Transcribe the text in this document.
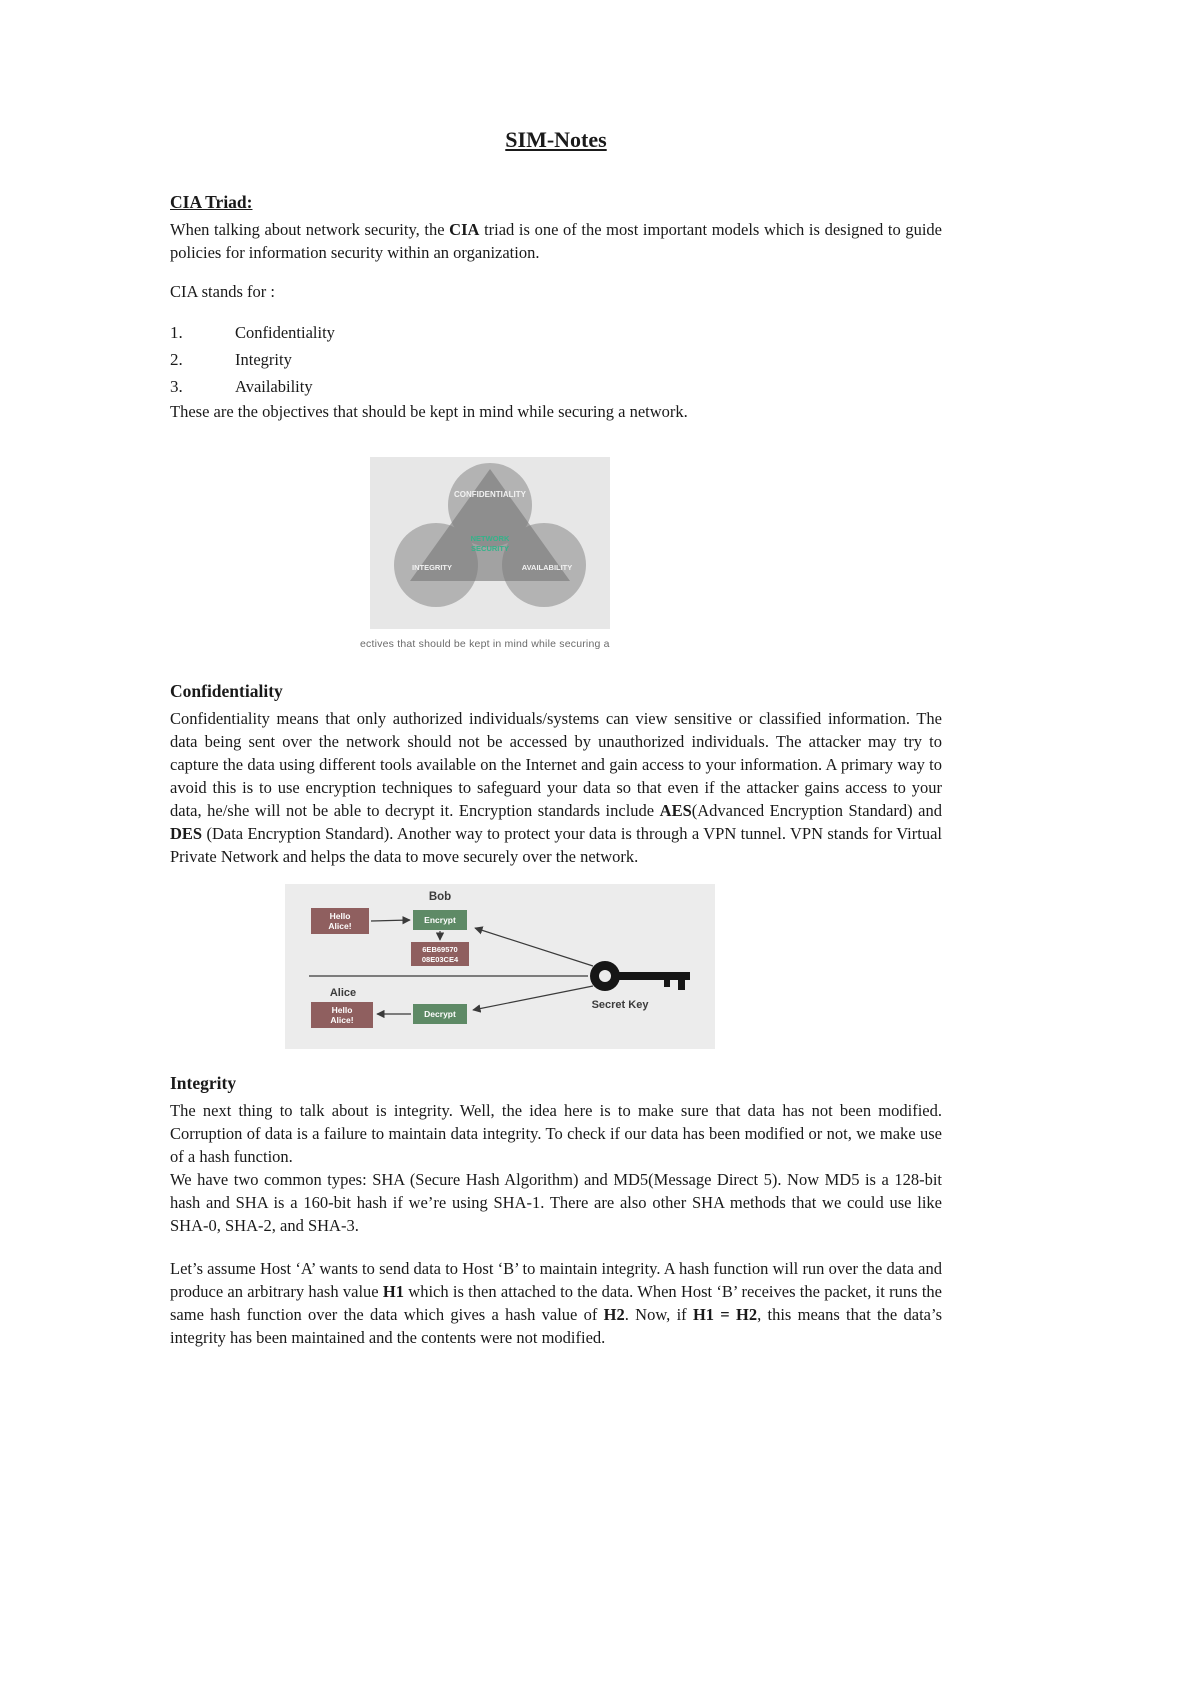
SIM-Notes
CIA Triad:

When talking about network security, the CIA triad is one of the most important models which is designed to guide policies for information security within an organization.

CIA stands for :

1.	Confidentiality
2.	Integrity
3.	Availability

These are the objectives that should be kept in mind while securing a network.

CONFIDENTIALITY
NETWORK
SECURITY
INTEGRITY	AVAILABILITY
ectives that should be kept in mind while securing a
Confidentiality

Confidentiality means that only authorized individuals/systems can view sensitive or classified information. The data being sent over the network should not be accessed by unauthorized individuals. The attacker may try to capture the data using different tools available on the Internet and gain access to your information. A primary way to avoid this is to use encryption techniques to safeguard your data so that even if the attacker gains access to your data, he/she will not be able to decrypt it. Encryption standards include AES(Advanced Encryption Standard) and DES (Data Encryption Standard). Another way to protect your data is through a VPN tunnel. VPN stands for Virtual Private Network and helps the data to move securely over the network.

Bob
Hello
Alice!
Encrypt
6EB69570
08E03CE4
Secret Key
Alice
Hello
Alice!
Decrypt
Integrity

The next thing to talk about is integrity. Well, the idea here is to make sure that data has not been modified. Corruption of data is a failure to maintain data integrity. To check if our data has been modified or not, we make use of a hash function.

We have two common types: SHA (Secure Hash Algorithm) and MD5(Message Direct 5). Now MD5 is a 128-bit hash and SHA is a 160-bit hash if we’re using SHA-1. There are also other SHA methods that we could use like SHA-0, SHA-2, and SHA-3.

Let’s assume Host ‘A’ wants to send data to Host ‘B’ to maintain integrity. A hash function will run over the data and produce an arbitrary hash value H1 which is then attached to the data. When Host ‘B’ receives the packet, it runs the same hash function over the data which gives a hash value of H2. Now, if H1 = H2, this means that the data’s integrity has been maintained and the contents were not modified.
